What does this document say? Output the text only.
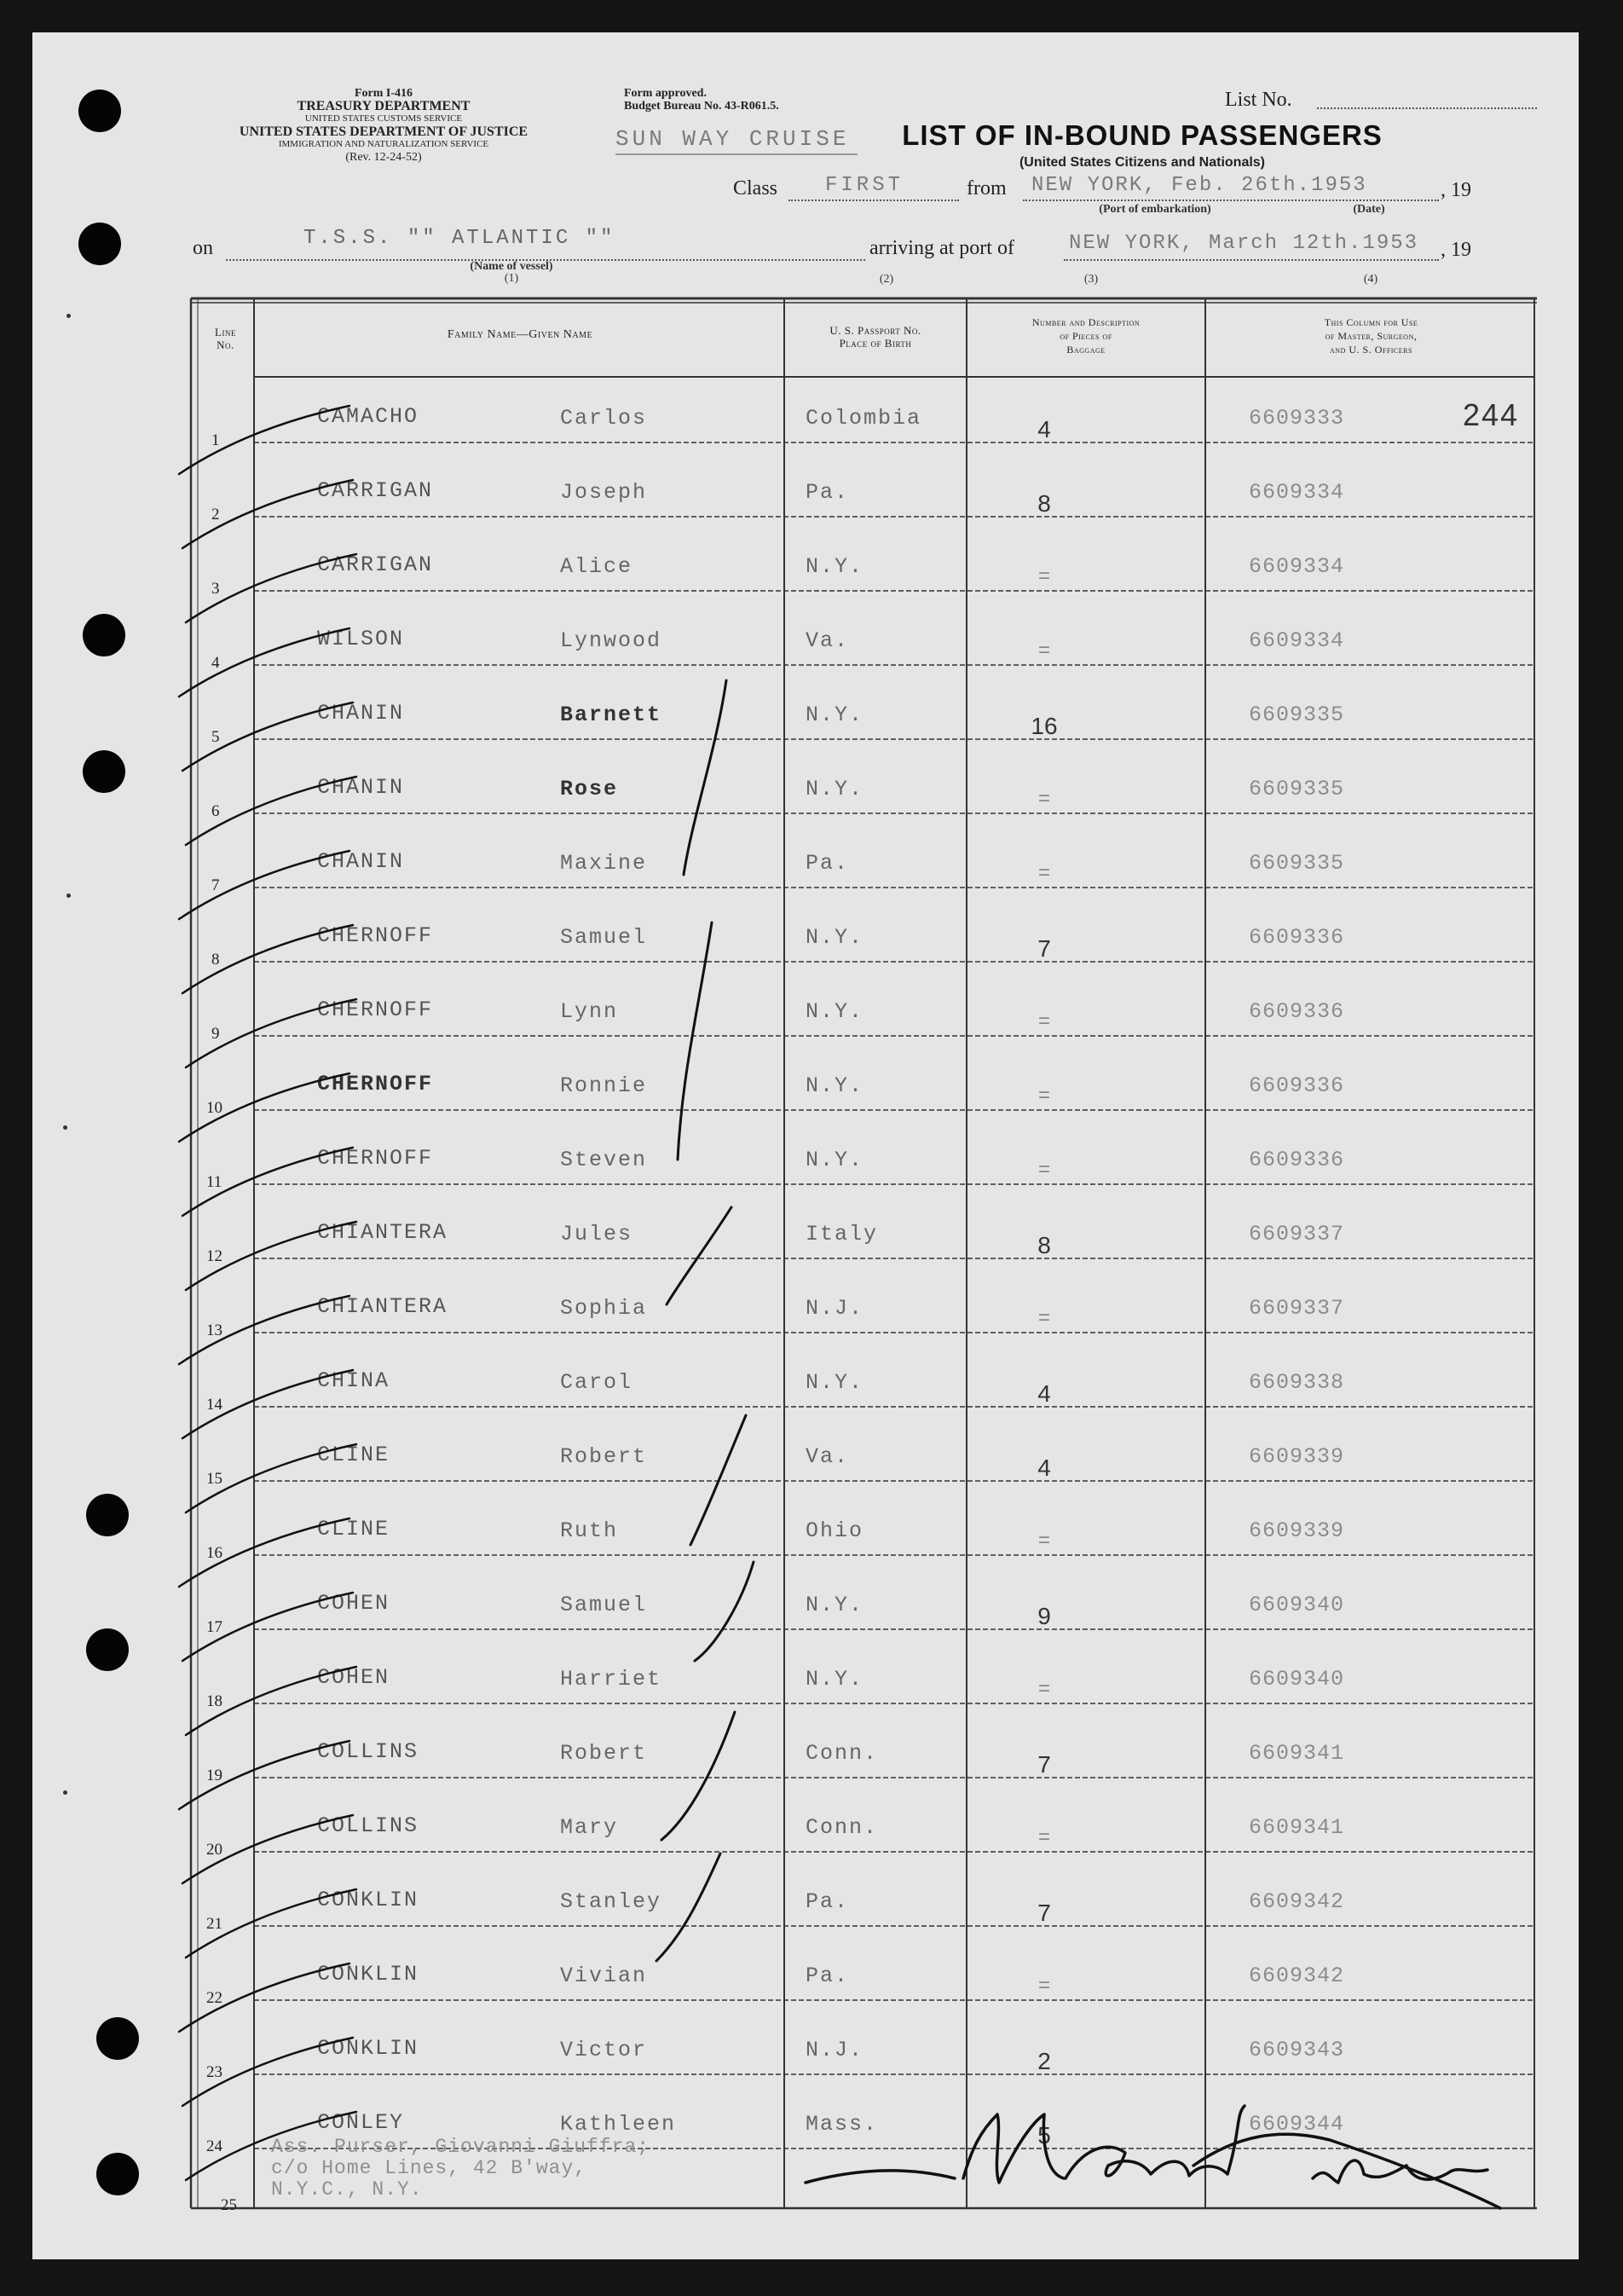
Form I-416
TREASURY DEPARTMENT
UNITED STATES CUSTOMS SERVICE
UNITED STATES DEPARTMENT OF JUSTICE
IMMIGRATION AND NATURALIZATION SERVICE
(Rev. 12-24-52)
Form approved.
Budget Bureau No. 43-R061.5.
SUN WAY CRUISE
List No.
LIST OF IN-BOUND PASSENGERS
(United States Citizens and Nationals)
Class FIRST	from NEW YORK, Feb. 26th.1953	, 19
(Port of embarkation)	(Date)
on	T.S.S. "" ATLANTIC ""
(Name of vessel)
(1)	(2)
arriving at port of	NEW YORK, March 12th.1953 , 19
(3)	(4)
Line
No.
Family Name—Given Name	U. S. Passport No.
Place of Birth
Number and Description
of Pieces of
Baggage
This Column for Use
of Master, Surgeon,
and U. S. Officers
CAMACHO	Carlos	Colombia	4	6609333
1
CARRIGAN	Joseph	Pa.	8	6609334
2
CARRIGAN	Alice	N.Y.	=	6609334
3
WILSON	Lynwood	Va.	=	6609334
4
CHANIN	Barnett	N.Y.	16	6609335
5
CHANIN	Rose	N.Y.	=	6609335
6
CHANIN	Maxine	Pa.	=	6609335
7
CHERNOFF	Samuel	N.Y.	7	6609336
8
CHERNOFF	Lynn	N.Y.	=	6609336
9
CHERNOFF	Ronnie	N.Y.	=	6609336
10
CHERNOFF	Steven	N.Y.	=	6609336
11
CHIANTERA	Jules	Italy	8	6609337
12
CHIANTERA	Sophia	N.J.	=	6609337
13
CHINA	Carol	N.Y.	4	6609338
14
CLINE	Robert	Va.	4	6609339
15
CLINE	Ruth	Ohio	=	6609339
16
COHEN	Samuel	N.Y.	9	6609340
17
COHEN	Harriet	N.Y.	=	6609340
18
COLLINS	Robert	Conn.	7	6609341
19
COLLINS	Mary	Conn.	=	6609341
20
CONKLIN	Stanley	Pa.	7	6609342
21
CONKLIN	Vivian	Pa.	=	6609342
22
CONKLIN	Victor	N.J.	2	6609343
23
CONLEY	Kathleen	Mass.	5	6609344
24
244
Ass. Purser, Giovanni Giuffra;
c/o Home Lines, 42 B'way,
N.Y.C., N.Y.
25
